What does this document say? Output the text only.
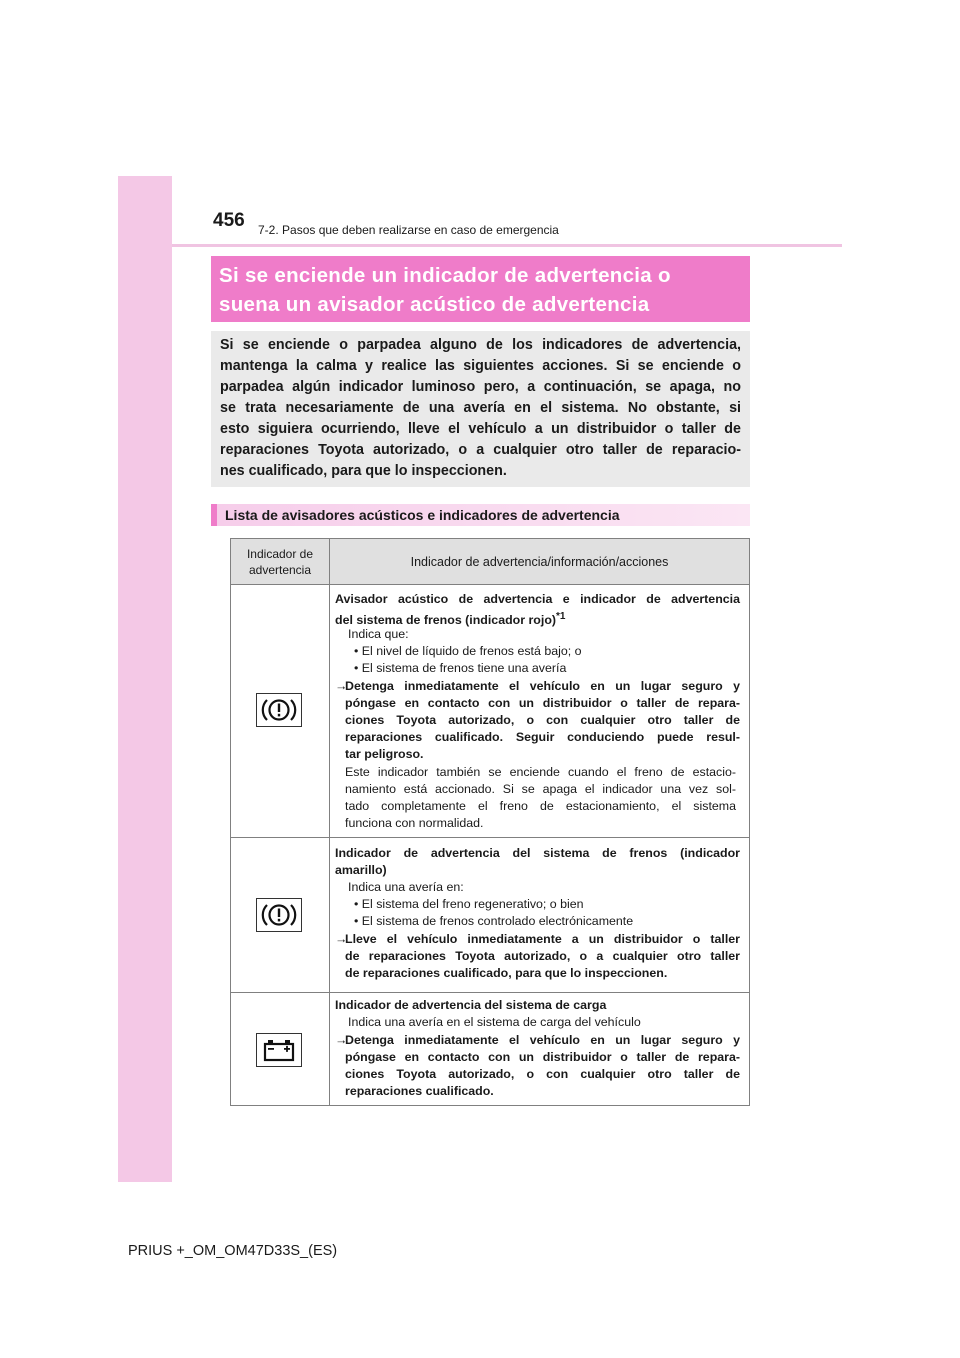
456 7-2. Pasos que deben realizarse en caso de emergencia
Si se enciende un indicador de advertencia o
suena un avisador acústico de advertencia
Si se enciende o parpadea alguno de los indicadores de advertencia,
mantenga la calma y realice las siguientes acciones. Si se enciende o
parpadea algún indicador luminoso pero, a continuación, se apaga, no
se trata necesariamente de una avería en el sistema. No obstante, si
esto siguiera ocurriendo, lleve el vehículo a un distribuidor o taller de
reparaciones Toyota autorizado, o a cualquier otro taller de reparacio-
nes cualificado, para que lo inspeccionen.
Lista de avisadores acústicos e indicadores de advertencia
Indicador de
advertencia
Indicador de advertencia/información/acciones
Avisador acústico de advertencia e indicador de advertencia
del sistema de frenos (indicador rojo)$^{*1}$
Indica que:
• El nivel de líquido de frenos está bajo; o
• El sistema de frenos tiene una avería
→
Detenga inmediatamente el vehículo en un lugar seguro y
póngase en contacto con un distribuidor o taller de repara-
ciones Toyota autorizado, o con cualquier otro taller de
reparaciones cualificado. Seguir conduciendo puede resul-
tar peligroso.
Este indicador también se enciende cuando el freno de estacio-
namiento está accionado. Si se apaga el indicador una vez sol-
tado completamente el freno de estacionamiento, el sistema
funciona con normalidad.
Indicador de advertencia del sistema de frenos (indicador
amarillo)
Indica una avería en:
• El sistema del freno regenerativo; o bien
• El sistema de frenos controlado electrónicamente
→
Lleve el vehículo inmediatamente a un distribuidor o taller
de reparaciones Toyota autorizado, o a cualquier otro taller
de reparaciones cualificado, para que lo inspeccionen.
Indicador de advertencia del sistema de carga
Indica una avería en el sistema de carga del vehículo
→
Detenga inmediatamente el vehículo en un lugar seguro y
póngase en contacto con un distribuidor o taller de repara-
ciones Toyota autorizado, o con cualquier otro taller de
reparaciones cualificado.
PRIUS +_OM_OM47D33S_(ES)
